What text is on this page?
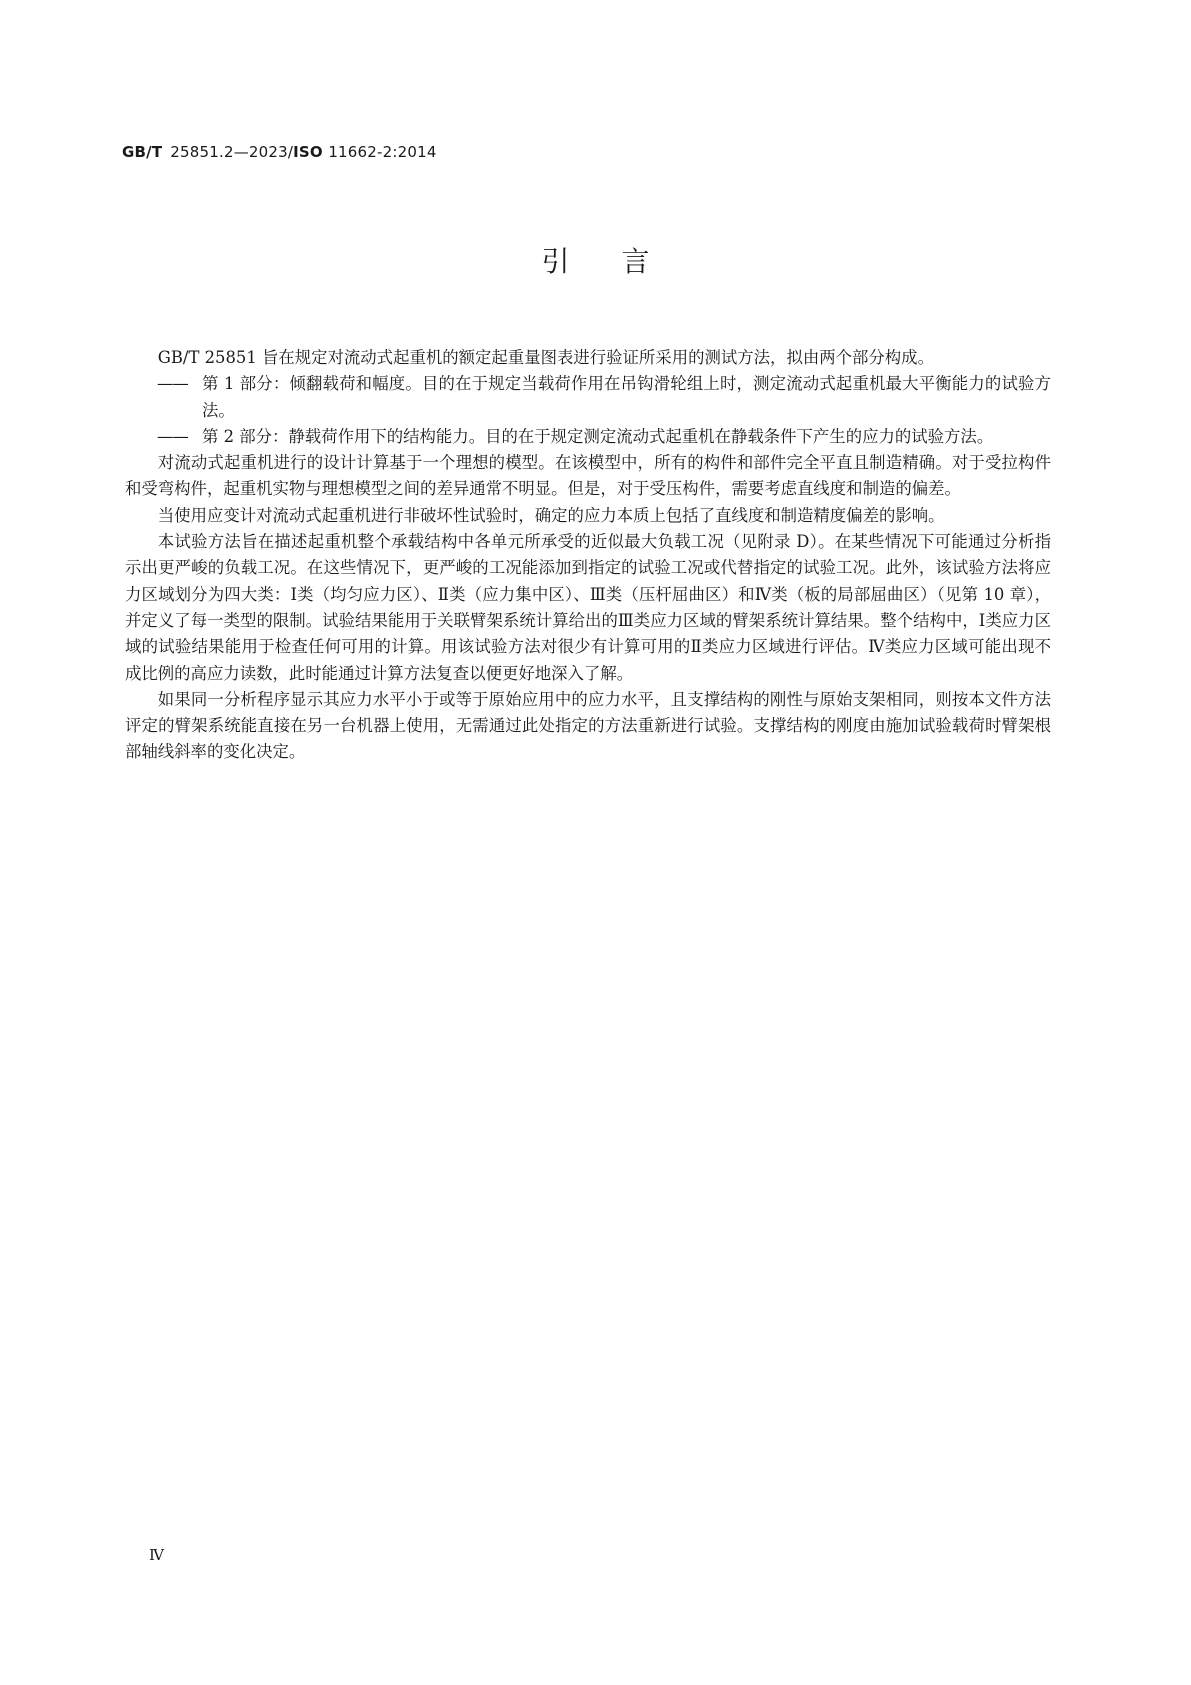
GB/T 25851.2—2023/ISO 11662-2:2014
引言

GB/T 25851 旨在规定对流动式起重机的额定起重量图表进行验证所采用的测试方法，拟由两个部分构成。

—— 第 1 部分：倾翻载荷和幅度。目的在于规定当载荷作用在吊钩滑轮组上时，测定流动式起重机最大平衡能力的试验方法。

—— 第 2 部分：静载荷作用下的结构能力。目的在于规定测定流动式起重机在静载条件下产生的应力的试验方法。

对流动式起重机进行的设计计算基于一个理想的模型。在该模型中，所有的构件和部件完全平直且制造精确。对于受拉构件和受弯构件，起重机实物与理想模型之间的差异通常不明显。但是，对于受压构件，需要考虑直线度和制造的偏差。

当使用应变计对流动式起重机进行非破坏性试验时，确定的应力本质上包括了直线度和制造精度偏差的影响。

本试验方法旨在描述起重机整个承载结构中各单元所承受的近似最大负载工况（见附录 D）。在某些情况下可能通过分析指示出更严峻的负载工况。在这些情况下，更严峻的工况能添加到指定的试验工况或代替指定的试验工况。此外，该试验方法将应力区域划分为四大类：Ⅰ类（均匀应力区）、Ⅱ类（应力集中区）、Ⅲ类（压杆屈曲区）和Ⅳ类（板的局部屈曲区）（见第 10 章），并定义了每一类型的限制。试验结果能用于关联臂架系统计算给出的Ⅲ类应力区域的臂架系统计算结果。整个结构中，Ⅰ类应力区域的试验结果能用于检查任何可用的计算。用该试验方法对很少有计算可用的Ⅱ类应力区域进行评估。Ⅳ类应力区域可能出现不成比例的高应力读数，此时能通过计算方法复查以便更好地深入了解。

如果同一分析程序显示其应力水平小于或等于原始应用中的应力水平，且支撑结构的刚性与原始支架相同，则按本文件方法评定的臂架系统能直接在另一台机器上使用，无需通过此处指定的方法重新进行试验。支撑结构的刚度由施加试验载荷时臂架根部轴线斜率的变化决定。

Ⅳ
